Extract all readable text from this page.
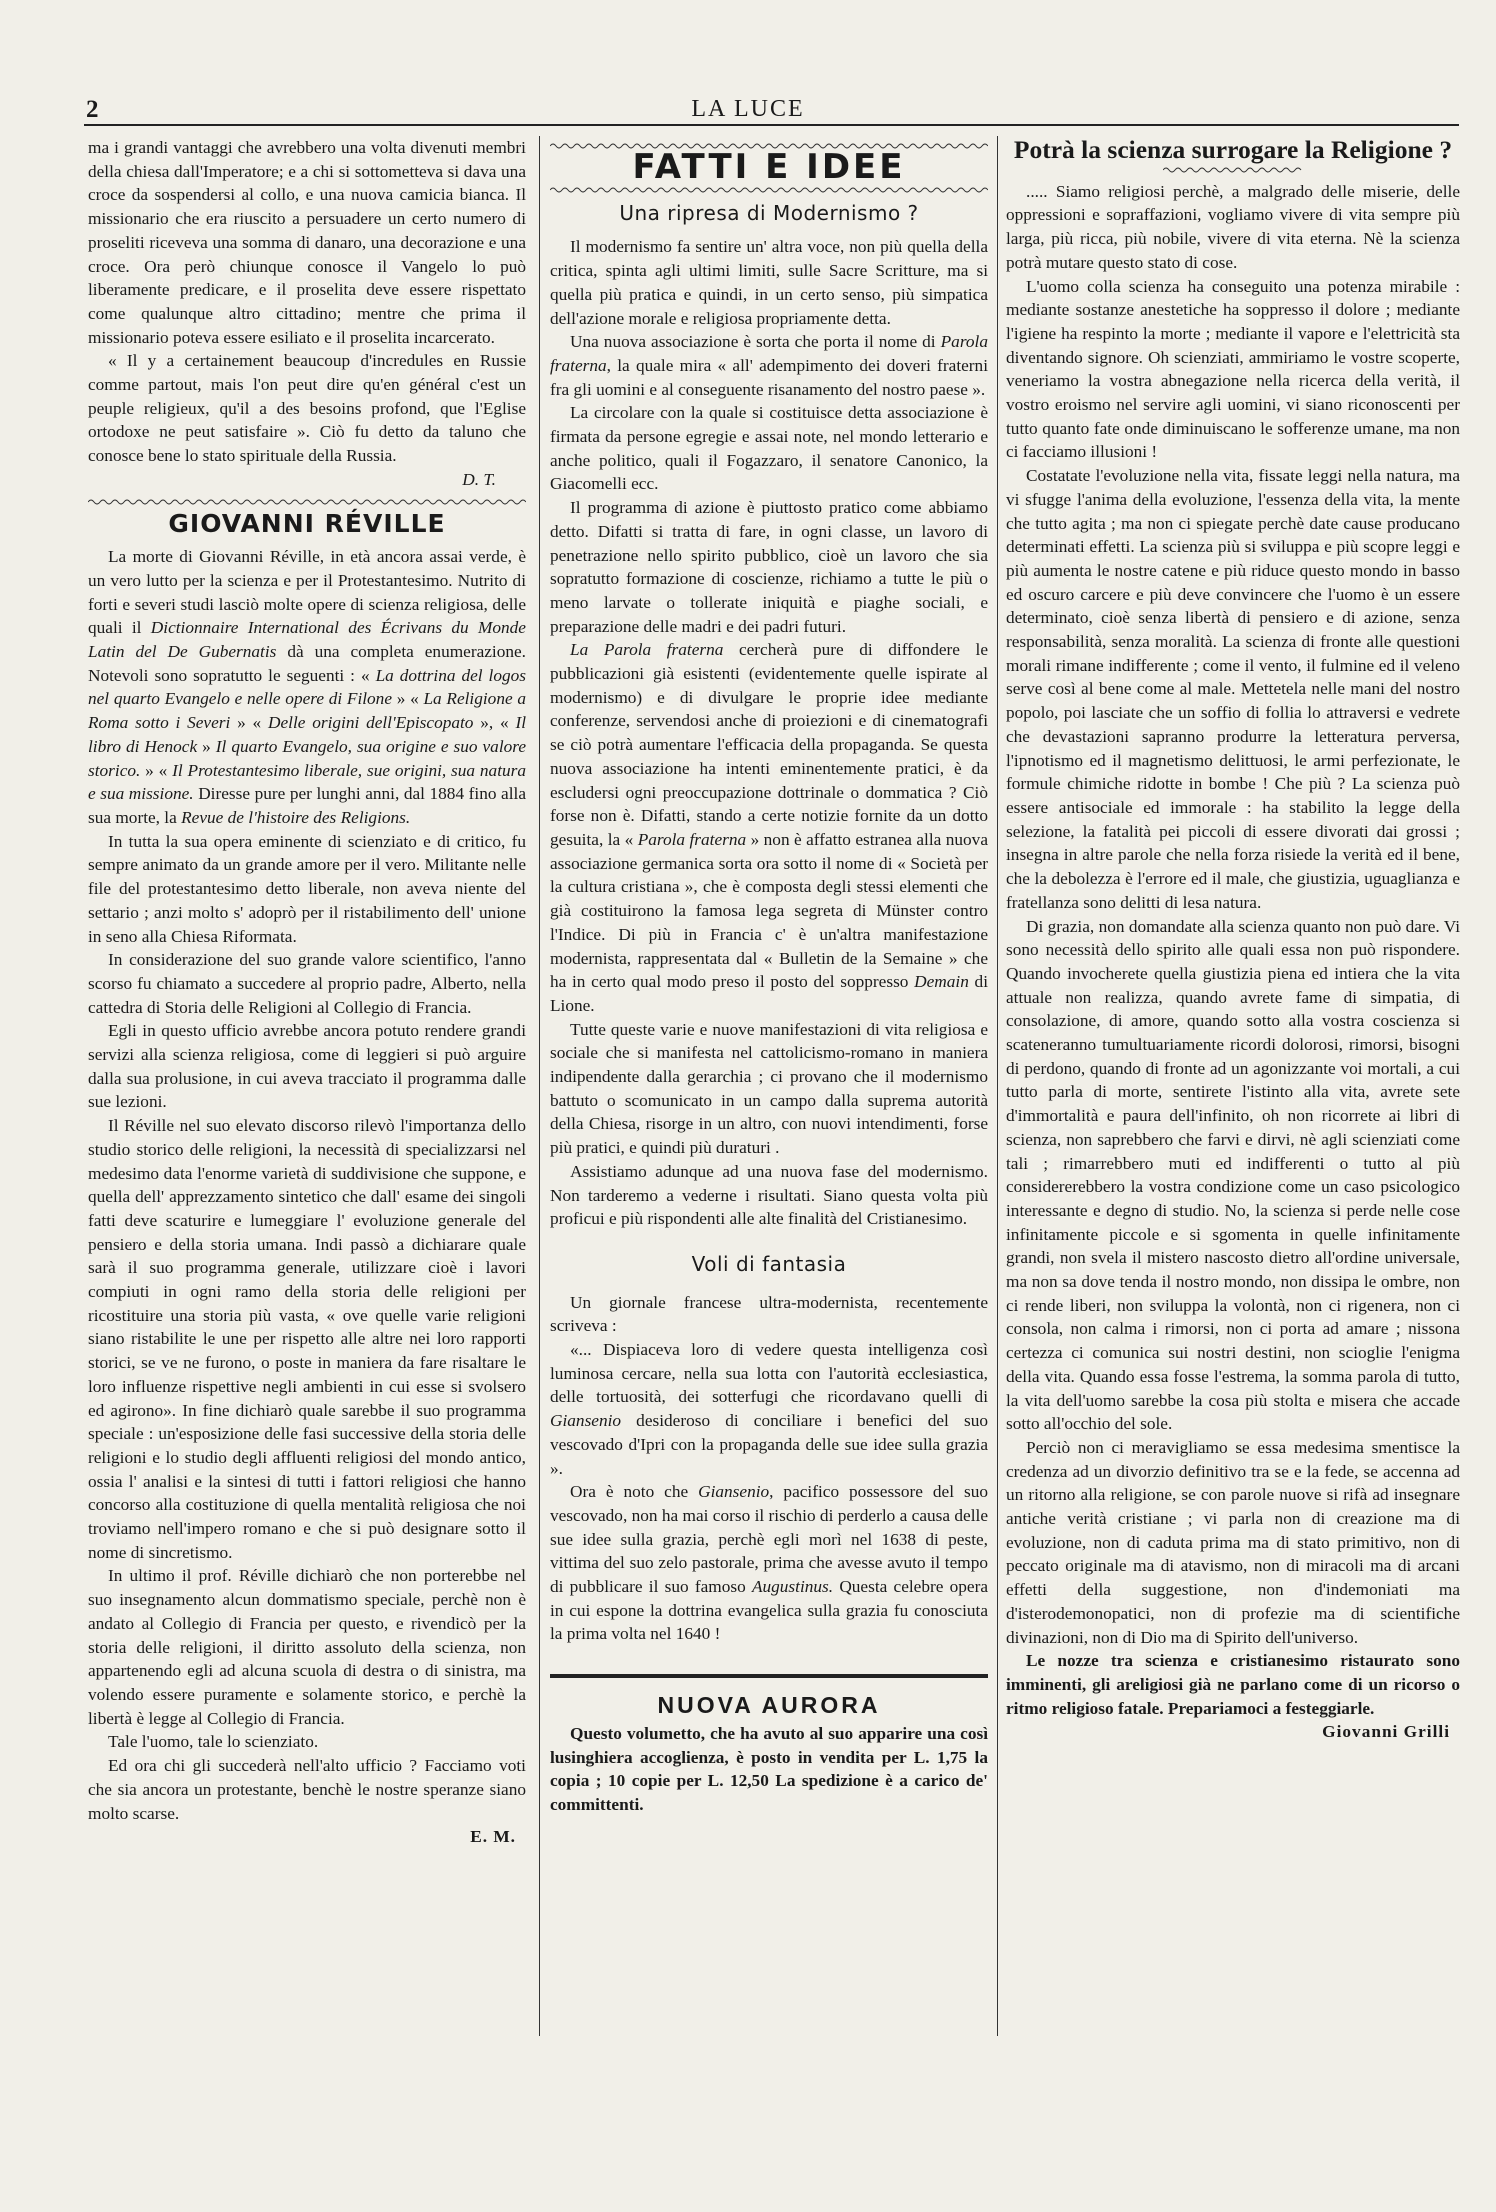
2	LA LUCE

ma i grandi vantaggi che avrebbero una volta divenuti membri della chiesa dall'Imperatore; e a chi si sottometteva si dava una croce da sospendersi al collo, e una nuova camicia bianca. Il missionario che era riuscito a persuadere un certo numero di proseliti riceveva una somma di danaro, una decorazione e una croce. Ora però chiunque conosce il Vangelo lo può liberamente predicare, e il proselita deve essere rispettato come qualunque altro cittadino; mentre che prima il missionario poteva essere esiliato e il proselita incarcerato.

« Il y a certainement beaucoup d'incredules en Russie comme partout, mais l'on peut dire qu'en général c'est un peuple religieux, qu'il a des besoins profond, que l'Eglise ortodoxe ne peut satisfaire ». Ciò fu detto da taluno che conosce bene lo stato spirituale della Russia.

D. T.
GIOVANNI RÉVILLE

La morte di Giovanni Réville, in età ancora assai verde, è un vero lutto per la scienza e per il Protestantesimo. Nutrito di forti e severi studi lasciò molte opere di scienza religiosa, delle quali il Dictionnaire International des Écrivans du Monde Latin del De Gubernatis dà una completa enumerazione. Notevoli sono sopratutto le seguenti : « La dottrina del logos nel quarto Evangelo e nelle opere di Filone » « La Religione a Roma sotto i Severi » « Delle origini dell'Episcopato », « Il libro di Henock » Il quarto Evangelo, sua origine e suo valore storico. » « Il Protestantesimo liberale, sue origini, sua natura e sua missione. Diresse pure per lunghi anni, dal 1884 fino alla sua morte, la Revue de l'histoire des Religions.

In tutta la sua opera eminente di scienziato e di critico, fu sempre animato da un grande amore per il vero. Militante nelle file del protestantesimo detto liberale, non aveva niente del settario ; anzi molto s' adoprò per il ristabilimento dell' unione in seno alla Chiesa Riformata.

In considerazione del suo grande valore scientifico, l'anno scorso fu chiamato a succedere al proprio padre, Alberto, nella cattedra di Storia delle Religioni al Collegio di Francia.

Egli in questo ufficio avrebbe ancora potuto rendere grandi servizi alla scienza religiosa, come di leggieri si può arguire dalla sua prolusione, in cui aveva tracciato il programma dalle sue lezioni.

Il Réville nel suo elevato discorso rilevò l'importanza dello studio storico delle religioni, la necessità di specializzarsi nel medesimo data l'enorme varietà di suddivisione che suppone, e quella dell' apprezzamento sintetico che dall' esame dei singoli fatti deve scaturire e lumeggiare l' evoluzione generale del pensiero e della storia umana. Indi passò a dichiarare quale sarà il suo programma generale, utilizzare cioè i lavori compiuti in ogni ramo della storia delle religioni per ricostituire una storia più vasta, « ove quelle varie religioni siano ristabilite le une per rispetto alle altre nei loro rapporti storici, se ve ne furono, o poste in maniera da fare risaltare le loro influenze rispettive negli ambienti in cui esse si svolsero ed agirono». In fine dichiarò quale sarebbe il suo programma speciale : un'esposizione delle fasi successive della storia delle religioni e lo studio degli affluenti religiosi del mondo antico, ossia l' analisi e la sintesi di tutti i fattori religiosi che hanno concorso alla costituzione di quella mentalità religiosa che noi troviamo nell'impero romano e che si può designare sotto il nome di sincretismo.

In ultimo il prof. Réville dichiarò che non porterebbe nel suo insegnamento alcun dommatismo speciale, perchè non è andato al Collegio di Francia per questo, e rivendicò per la storia delle religioni, il diritto assoluto della scienza, non appartenendo egli ad alcuna scuola di destra o di sinistra, ma volendo essere puramente e solamente storico, e perchè la libertà è legge al Collegio di Francia.

Tale l'uomo, tale lo scienziato.

Ed ora chi gli succederà nell'alto ufficio ? Facciamo voti che sia ancora un protestante, benchè le nostre speranze siano molto scarse.

E. M.
FATTI E IDEE
Una ripresa di Modernismo ?

Il modernismo fa sentire un' altra voce, non più quella della critica, spinta agli ultimi limiti, sulle Sacre Scritture, ma si quella più pratica e quindi, in un certo senso, più simpatica dell'azione morale e religiosa propriamente detta.

Una nuova associazione è sorta che porta il nome di Parola fraterna, la quale mira « all' adempimento dei doveri fraterni fra gli uomini e al conseguente risanamento del nostro paese ».

La circolare con la quale si costituisce detta associazione è firmata da persone egregie e assai note, nel mondo letterario e anche politico, quali il Fogazzaro, il senatore Canonico, la Giacomelli ecc.

Il programma di azione è piuttosto pratico come abbiamo detto. Difatti si tratta di fare, in ogni classe, un lavoro di penetrazione nello spirito pubblico, cioè un lavoro che sia sopratutto formazione di coscienze, richiamo a tutte le più o meno larvate o tollerate iniquità e piaghe sociali, e preparazione delle madri e dei padri futuri.

La Parola fraterna cercherà pure di diffondere le pubblicazioni già esistenti (evidentemente quelle ispirate al modernismo) e di divulgare le proprie idee mediante conferenze, servendosi anche di proiezioni e di cinematografi se ciò potrà aumentare l'efficacia della propaganda. Se questa nuova associazione ha intenti eminentemente pratici, è da escludersi ogni preoccupazione dottrinale o dommatica ? Ciò forse non è. Difatti, stando a certe notizie fornite da un dotto gesuita, la « Parola fraterna » non è affatto estranea alla nuova associazione germanica sorta ora sotto il nome di « Società per la cultura cristiana », che è composta degli stessi elementi che già costituirono la famosa lega segreta di Münster contro l'Indice. Di più in Francia c' è un'altra manifestazione modernista, rappresentata dal « Bulletin de la Semaine » che ha in certo qual modo preso il posto del soppresso Demain di Lione.

Tutte queste varie e nuove manifestazioni di vita religiosa e sociale che si manifesta nel cattolicismo-romano in maniera indipendente dalla gerarchia ; ci provano che il modernismo battuto o scomunicato in un campo dalla suprema autorità della Chiesa, risorge in un altro, con nuovi intendimenti, forse più pratici, e quindi più duraturi .

Assistiamo adunque ad una nuova fase del modernismo. Non tarderemo a vederne i risultati. Siano questa volta più proficui e più rispondenti alle alte finalità del Cristianesimo.

Voli di fantasia

Un giornale francese ultra-modernista, recentemente scriveva :

«... Dispiaceva loro di vedere questa intelligenza così luminosa cercare, nella sua lotta con l'autorità ecclesiastica, delle tortuosità, dei sotterfugi che ricordavano quelli di Giansenio desideroso di conciliare i benefici del suo vescovado d'Ipri con la propaganda delle sue idee sulla grazia ».

Ora è noto che Giansenio, pacifico possessore del suo vescovado, non ha mai corso il rischio di perderlo a causa delle sue idee sulla grazia, perchè egli morì nel 1638 di peste, vittima del suo zelo pastorale, prima che avesse avuto il tempo di pubblicare il suo famoso Augustinus. Questa celebre opera in cui espone la dottrina evangelica sulla grazia fu conosciuta la prima volta nel 1640 !

NUOVA AURORA

Questo volumetto, che ha avuto al suo apparire una così lusinghiera accoglienza, è posto in vendita per L. 1,75 la copia ; 10 copie per L. 12,50 La spedizione è a carico de' committenti.

Potrà la scienza surrogare la Religione ?

..... Siamo religiosi perchè, a malgrado delle miserie, delle oppressioni e sopraffazioni, vogliamo vivere di vita sempre più larga, più ricca, più nobile, vivere di vita eterna. Nè la scienza potrà mutare questo stato di cose.

L'uomo colla scienza ha conseguito una potenza mirabile : mediante sostanze anestetiche ha soppresso il dolore ; mediante l'igiene ha respinto la morte ; mediante il vapore e l'elettricità sta diventando signore. Oh scienziati, ammiriamo le vostre scoperte, veneriamo la vostra abnegazione nella ricerca della verità, il vostro eroismo nel servire agli uomini, vi siano riconoscenti per tutto quanto fate onde diminuiscano le sofferenze umane, ma non ci facciamo illusioni !

Costatate l'evoluzione nella vita, fissate leggi nella natura, ma vi sfugge l'anima della evoluzione, l'essenza della vita, la mente che tutto agita ; ma non ci spiegate perchè date cause producano determinati effetti. La scienza più si sviluppa e più scopre leggi e più aumenta le nostre catene e più riduce questo mondo in basso ed oscuro carcere e più deve convincere che l'uomo è un essere determinato, cioè senza libertà di pensiero e di azione, senza responsabilità, senza moralità. La scienza di fronte alle questioni morali rimane indifferente ; come il vento, il fulmine ed il veleno serve così al bene come al male. Mettetela nelle mani del nostro popolo, poi lasciate che un soffio di follia lo attraversi e vedrete che devastazioni sapranno produrre la letteratura perversa, l'ipnotismo ed il magnetismo delittuosi, le armi perfezionate, le formule chimiche ridotte in bombe ! Che più ? La scienza può essere antisociale ed immorale : ha stabilito la legge della selezione, la fatalità pei piccoli di essere divorati dai grossi ; insegna in altre parole che nella forza risiede la verità ed il bene, che la debolezza è l'errore ed il male, che giustizia, uguaglianza e fratellanza sono delitti di lesa natura.

Di grazia, non domandate alla scienza quanto non può dare. Vi sono necessità dello spirito alle quali essa non può rispondere. Quando invocherete quella giustizia piena ed intiera che la vita attuale non realizza, quando avrete fame di simpatia, di consolazione, di amore, quando sotto alla vostra coscienza si scateneranno tumultuariamente ricordi dolorosi, rimorsi, bisogni di perdono, quando di fronte ad un agonizzante voi mortali, a cui tutto parla di morte, sentirete l'istinto alla vita, avrete sete d'immortalità e paura dell'infinito, oh non ricorrete ai libri di scienza, non saprebbero che farvi e dirvi, nè agli scienziati come tali ; rimarrebbero muti ed indifferenti o tutto al più considererebbero la vostra condizione come un caso psicologico interessante e degno di studio. No, la scienza si perde nelle cose infinitamente piccole e si sgomenta in quelle infinitamente grandi, non svela il mistero nascosto dietro all'ordine universale, ma non sa dove tenda il nostro mondo, non dissipa le ombre, non ci rende liberi, non sviluppa la volontà, non ci rigenera, non ci consola, non calma i rimorsi, non ci porta ad amare ; nissona certezza ci comunica sui nostri destini, non scioglie l'enigma della vita. Quando essa fosse l'estrema, la somma parola di tutto, la vita dell'uomo sarebbe la cosa più stolta e misera che accade sotto all'occhio del sole.

Perciò non ci meravigliamo se essa medesima smentisce la credenza ad un divorzio definitivo tra se e la fede, se accenna ad un ritorno alla religione, se con parole nuove si rifà ad insegnare antiche verità cristiane ; vi parla non di creazione ma di evoluzione, non di caduta prima ma di stato primitivo, non di peccato originale ma di atavismo, non di miracoli ma di arcani effetti della suggestione, non d'indemoniati ma d'isterodemonopatici, non di profezie ma di scientifiche divinazioni, non di Dio ma di Spirito dell'universo.

Le nozze tra scienza e cristianesimo ristaurato sono imminenti, gli areligiosi già ne parlano come di un ricorso o ritmo religioso fatale. Prepariamoci a festeggiarle.

Giovanni Grilli
